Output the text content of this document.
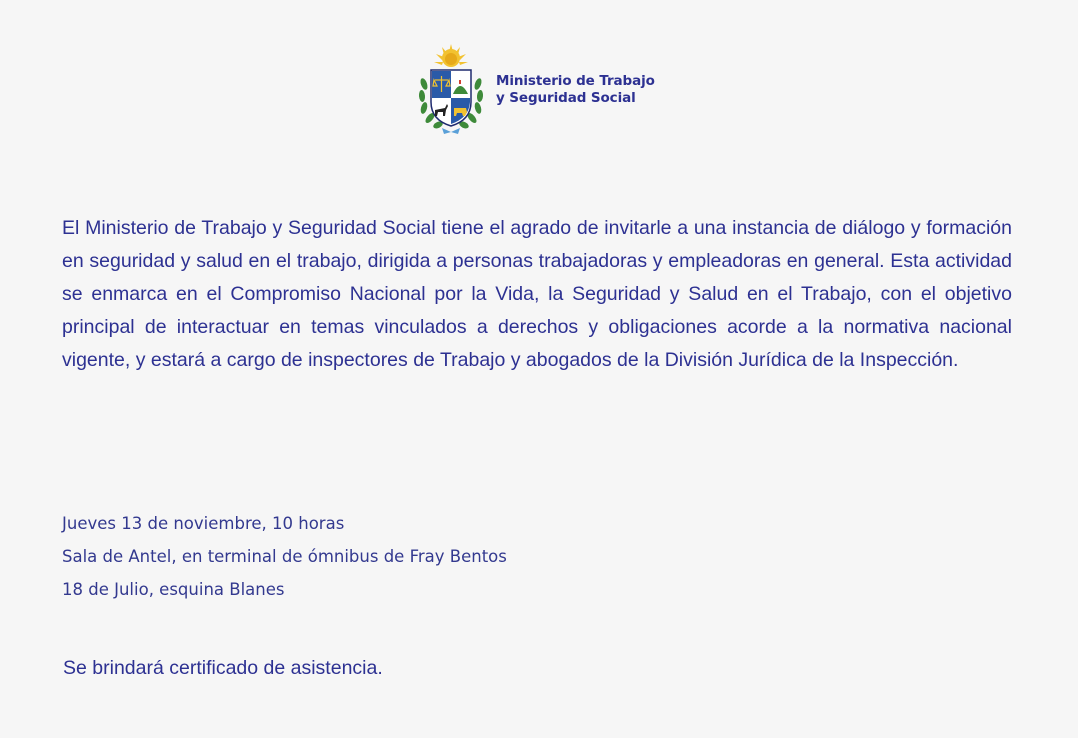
Ministerio de Trabajo
y Seguridad Social

El Ministerio de Trabajo y Seguridad Social tiene el agrado de invitarle a una instancia de diálogo y formación en seguridad y salud en el trabajo, dirigida a personas trabajadoras y empleadoras en general. Esta actividad se enmarca en el Compromiso Nacional por la Vida, la Seguridad y Salud en el Trabajo, con el objetivo principal de interactuar en temas vinculados a derechos y obligaciones acorde a la normativa nacional vigente, y estará a cargo de inspectores de Trabajo y abogados de la División Jurídica de la Inspección.

Jueves 13 de noviembre, 10 horas
Sala de Antel, en terminal de ómnibus de Fray Bentos
18 de Julio, esquina Blanes
Se brindará certificado de asistencia.
